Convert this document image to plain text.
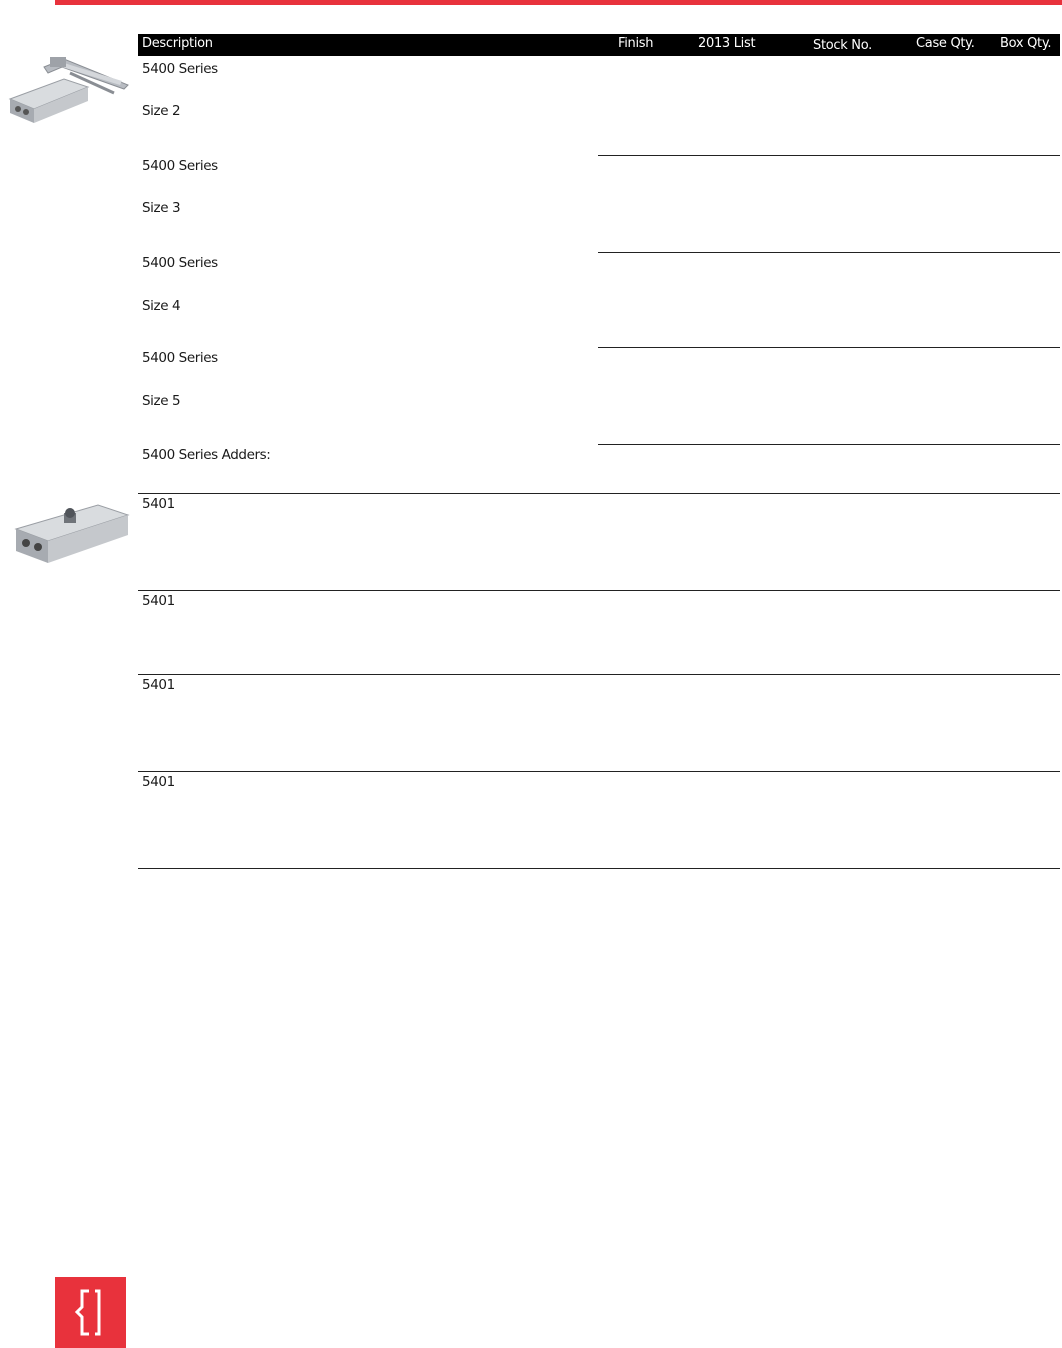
Description	Finish	2013 List	Stock No.	Case Qty. Box Qty.
5400 Series
Size 2
5400 Series
Size 3
5400 Series
Size 4
5400 Series
Size 5
5400 Series Adders:
5401
5401
5401
5401
